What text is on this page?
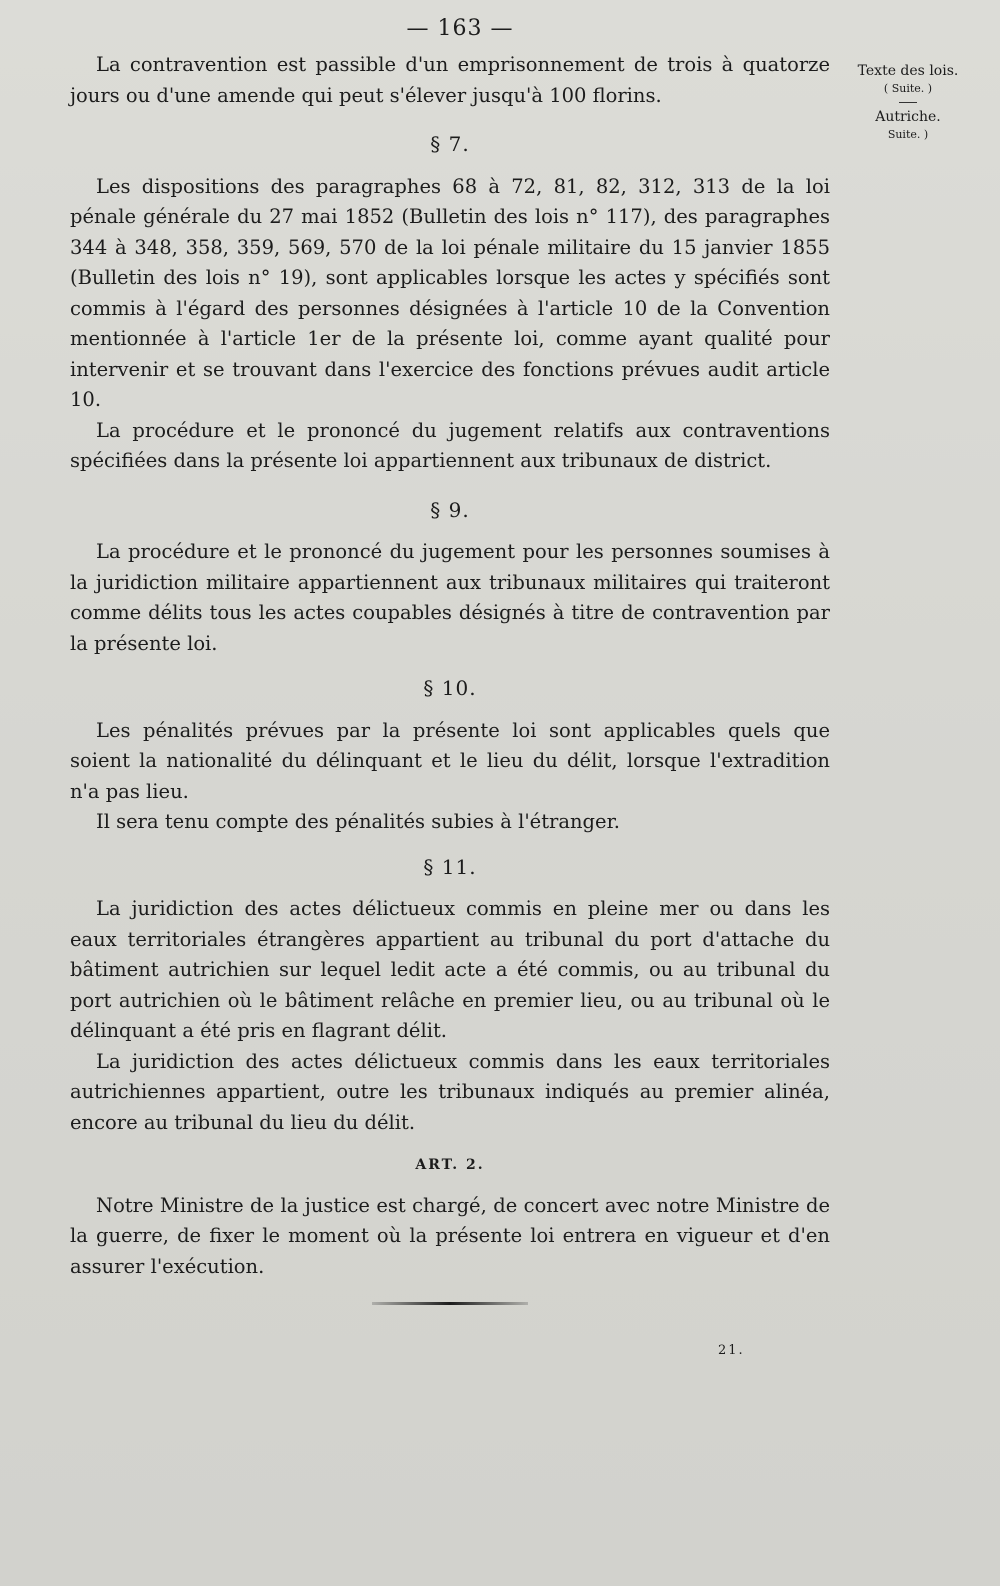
— 163 —
Texte des lois.
( Suite. )
Autriche.
Suite. )

La contravention est passible d'un emprisonnement de trois à quatorze jours ou d'une amende qui peut s'élever jusqu'à 100 florins.

§ 7.

Les dispositions des paragraphes 68 à 72, 81, 82, 312, 313 de la loi pénale générale du 27 mai 1852 (Bulletin des lois n° 117), des paragraphes 344 à 348, 358, 359, 569, 570 de la loi pénale militaire du 15 janvier 1855 (Bulletin des lois n° 19), sont applicables lorsque les actes y spécifiés sont commis à l'égard des personnes désignées à l'article 10 de la Convention mentionnée à l'article 1er de la présente loi, comme ayant qualité pour intervenir et se trouvant dans l'exercice des fonctions prévues audit article 10.

La procédure et le prononcé du jugement relatifs aux contraventions spécifiées dans la présente loi appartiennent aux tribunaux de district.

§ 9.

La procédure et le prononcé du jugement pour les personnes soumises à la juridiction militaire appartiennent aux tribunaux militaires qui traiteront comme délits tous les actes coupables désignés à titre de contravention par la présente loi.

§ 10.

Les pénalités prévues par la présente loi sont applicables quels que soient la nationalité du délinquant et le lieu du délit, lorsque l'extradition n'a pas lieu.

Il sera tenu compte des pénalités subies à l'étranger.

§ 11.

La juridiction des actes délictueux commis en pleine mer ou dans les eaux territoriales étrangères appartient au tribunal du port d'attache du bâtiment autrichien sur lequel ledit acte a été commis, ou au tribunal du port autrichien où le bâtiment relâche en premier lieu, ou au tribunal où le délinquant a été pris en flagrant délit.

La juridiction des actes délictueux commis dans les eaux territoriales autrichiennes appartient, outre les tribunaux indiqués au premier alinéa, encore au tribunal du lieu du délit.

ART. 2.

Notre Ministre de la justice est chargé, de concert avec notre Ministre de la guerre, de fixer le moment où la présente loi entrera en vigueur et d'en assurer l'exécution.

21.
